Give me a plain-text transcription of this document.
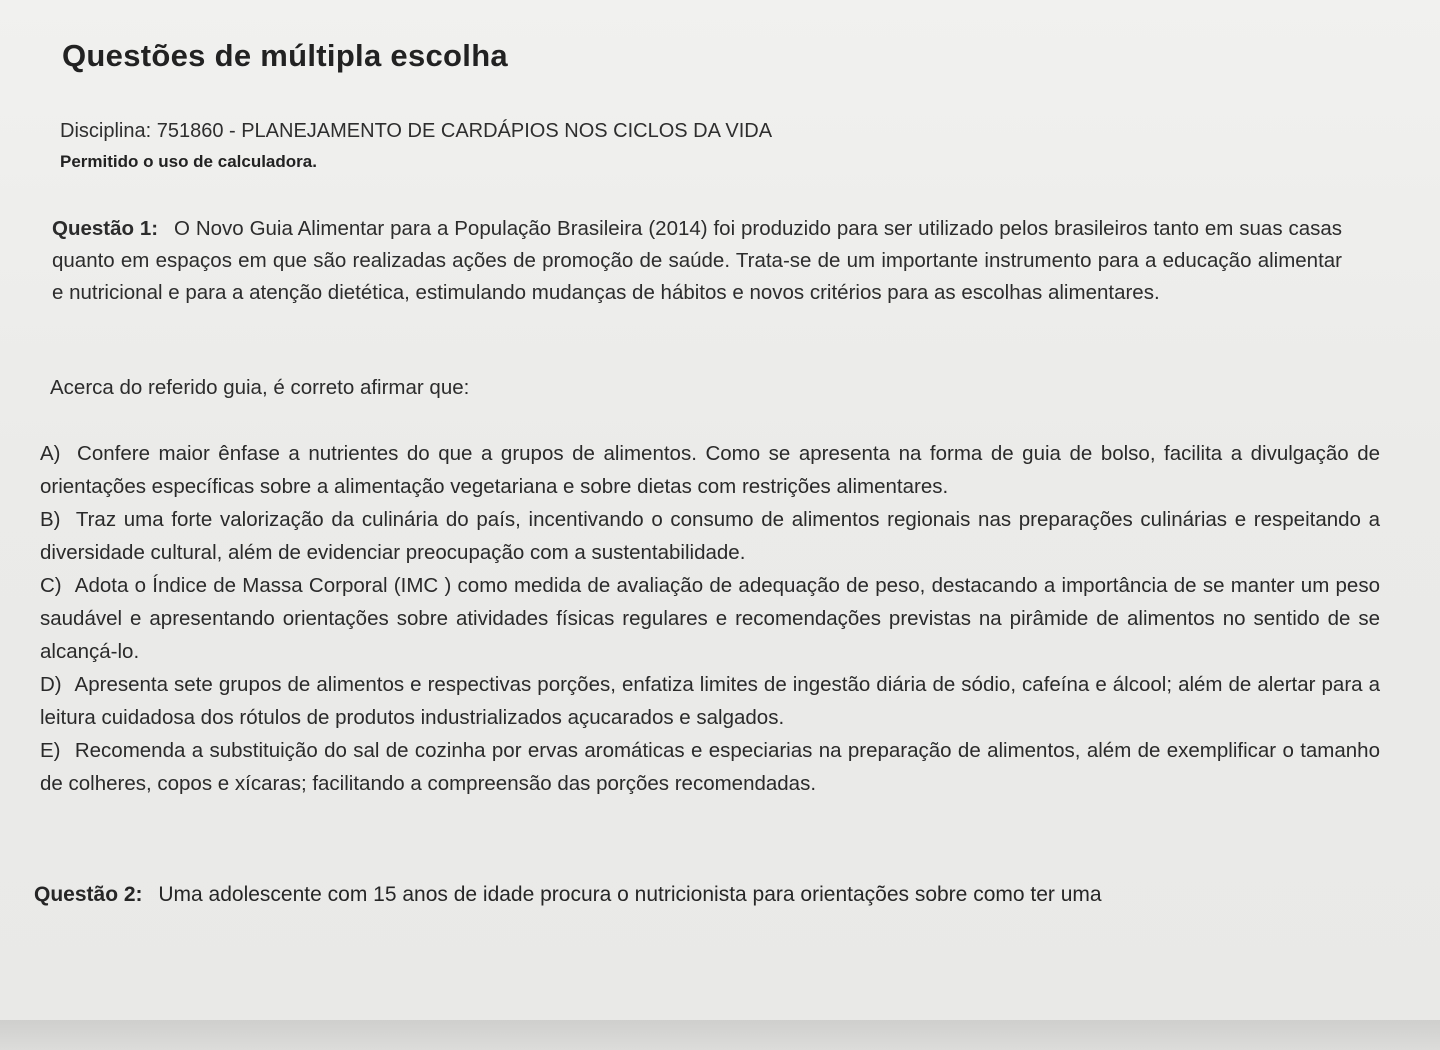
Questões de múltipla escolha
Disciplina: 751860 - PLANEJAMENTO DE CARDÁPIOS NOS CICLOS DA VIDA
Permitido o uso de calculadora.
Questão 1: O Novo Guia Alimentar para a População Brasileira (2014) foi produzido para ser utilizado pelos brasileiros tanto em suas casas quanto em espaços em que são realizadas ações de promoção de saúde. Trata-se de um importante instrumento para a educação alimentar e nutricional e para a atenção dietética, estimulando mudanças de hábitos e novos critérios para as escolhas alimentares.
Acerca do referido guia, é correto afirmar que:

A) Confere maior ênfase a nutrientes do que a grupos de alimentos. Como se apresenta na forma de guia de bolso, facilita a divulgação de orientações específicas sobre a alimentação vegetariana e sobre dietas com restrições alimentares.

B) Traz uma forte valorização da culinária do país, incentivando o consumo de alimentos regionais nas preparações culinárias e respeitando a diversidade cultural, além de evidenciar preocupação com a sustentabilidade.

C) Adota o Índice de Massa Corporal (IMC ) como medida de avaliação de adequação de peso, destacando a importância de se manter um peso saudável e apresentando orientações sobre atividades físicas regulares e recomendações previstas na pirâmide de alimentos no sentido de se alcançá-lo.

D) Apresenta sete grupos de alimentos e respectivas porções, enfatiza limites de ingestão diária de sódio, cafeína e álcool; além de alertar para a leitura cuidadosa dos rótulos de produtos industrializados açucarados e salgados.

E) Recomenda a substituição do sal de cozinha por ervas aromáticas e especiarias na preparação de alimentos, além de exemplificar o tamanho de colheres, copos e xícaras; facilitando a compreensão das porções recomendadas.

Questão 2: Uma adolescente com 15 anos de idade procura o nutricionista para orientações sobre como ter uma
